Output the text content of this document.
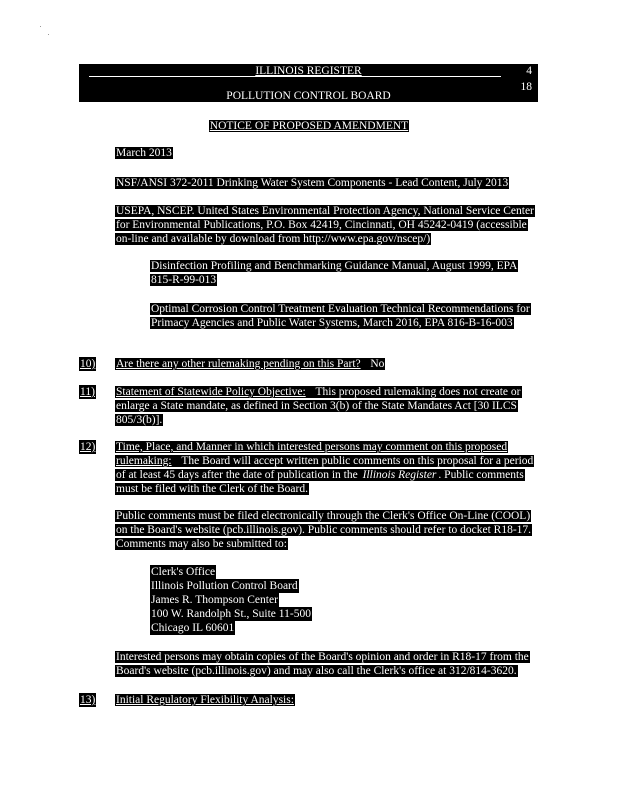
ILLINOIS REGISTER	4
18
POLLUTION CONTROL BOARD
NOTICE OF PROPOSED AMENDMENT
March 2013
NSF/ANSI 372-2011 Drinking Water System Components - Lead Content, July 2013
USEPA, NSCEP. United States Environmental Protection Agency, National Service Center for Environmental Publications, P.O. Box 42419, Cincinnati, OH 45242-0419 (accessible on-line and available by download from http://www.epa.gov/nscep/)
Disinfection Profiling and Benchmarking Guidance Manual, August 1999, EPA 815-R-99-013
Optimal Corrosion Control Treatment Evaluation Technical Recommendations for Primacy Agencies and Public Water Systems, March 2016, EPA 816-B-16-003
10) Are there any other rulemaking pending on this Part? No
11) Statement of Statewide Policy Objective: This proposed rulemaking does not create or enlarge a State mandate, as defined in Section 3(b) of the State Mandates Act [30 ILCS 805/3(b)].
12) Time, Place, and Manner in which interested persons may comment on this proposed rulemaking: The Board will accept written public comments on this proposal for a period of at least 45 days after the date of publication in the Illinois Register . Public comments must be filed with the Clerk of the Board.
Public comments must be filed electronically through the Clerk's Office On-Line (COOL) on the Board's website (pcb.illinois.gov). Public comments should refer to docket R18-17. Comments may also be submitted to:
Clerk's Office
Illinois Pollution Control Board
James R. Thompson Center
100 W. Randolph St., Suite 11-500
Chicago IL 60601
Interested persons may obtain copies of the Board's opinion and order in R18-17 from the Board's website (pcb.illinois.gov) and may also call the Clerk's office at 312/814-3620.
13) Initial Regulatory Flexibility Analysis:
